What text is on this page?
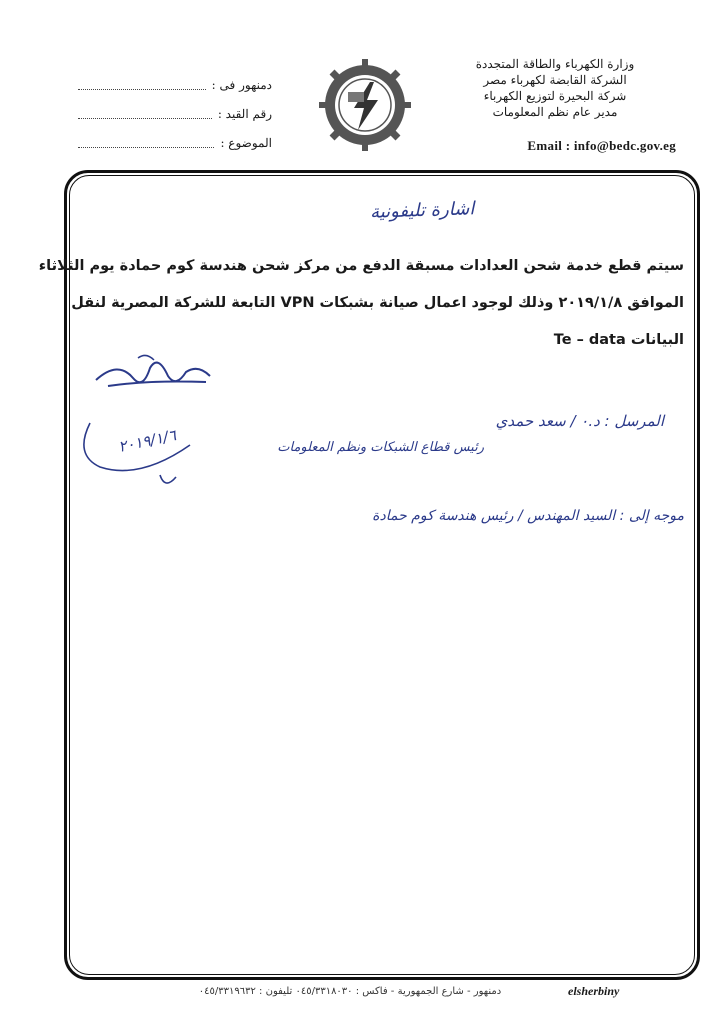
وزارة الكهرباء والطاقة المتجددة
الشركة القابضة لكهرباء مصر
شركة البحيرة لتوزيع الكهرباء
مدير عام نظم المعلومات
Email : info@bedc.gov.eg
دمنهور فى :
رقم القيد :
الموضوع :
اشارة تليفونية
سيتم قطع خدمة شحن العدادات مسبقة الدفع من مركز شحن هندسة كوم حمادة يوم الثلاثاء
الموافق ٢٠١٩/١/٨ وذلك لوجود اعمال صيانة بشبكات VPN التابعة للشركة المصرية لنقل
البيانات Te – data
المرسل : د.٠ / سعد حمدي
رئيس قطاع الشبكات ونظم المعلومات
٢٠١٩/١/٦
موجه إلى : السيد المهندس / رئيس هندسة كوم حمادة
دمنهور - شارع الجمهورية - فاكس : ٠٤٥/٣٣١٨٠٣٠ تليفون : ٠٤٥/٣٣١٩٦٣٢	elsherbiny
